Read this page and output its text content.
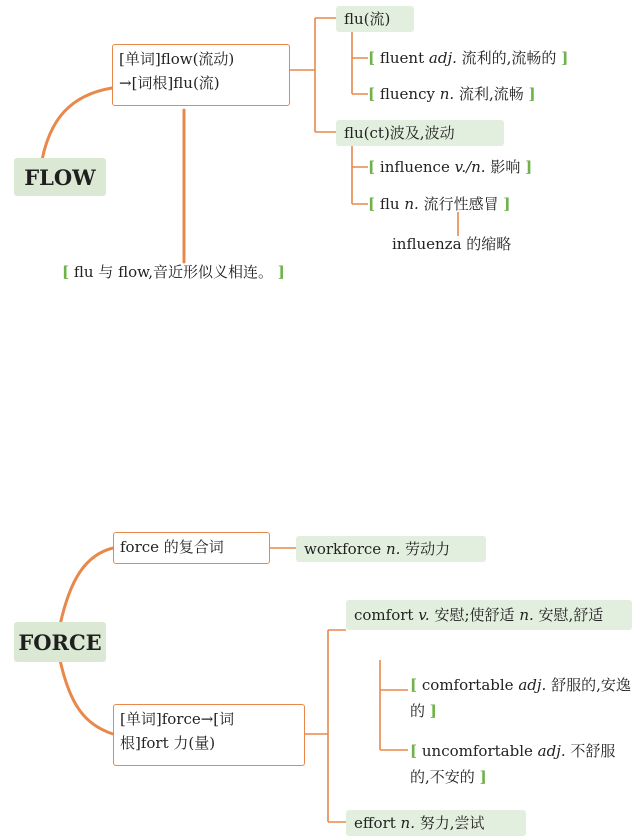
FLOW
[单词]flow(流动)
→[词根]flu(流)
flu(流)
[ fluent adj. 流利的,流畅的 ]
[ fluency n. 流利,流畅 ]
flu(ct)波及,波动
[ influence v./n. 影响 ]
[ flu n. 流行性感冒 ]
influenza 的缩略
[ flu 与 flow,音近形似义相连。 ]
FORCE
force 的复合词	workforce n. 劳动力
[单词]force→[词
根]fort 力(量)
comfort v. 安慰;使舒适 n. 安慰,舒适
[ comfortable adj. 舒服的,安逸的 ]
[ uncomfortable adj. 不舒服的,不安的 ]
effort n. 努力,尝试
